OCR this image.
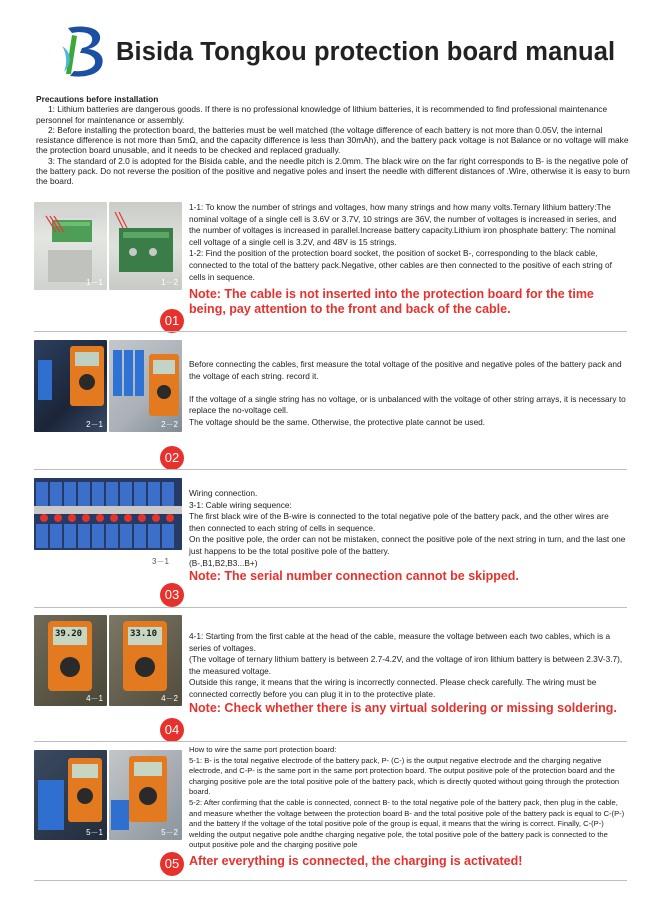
Bisida Tongkou protection board manual
Precautions before installation

1: Lithium batteries are dangerous goods. If there is no professional knowledge of lithium batteries, it is recommended to find professional maintenance personnel for maintenance or assembly.

2: Before installing the protection board, the batteries must be well matched (the voltage difference of each battery is not more than 0.05V, the internal resistance difference is not more than 5mΩ, and the capacity difference is less than 30mAh), and the battery pack voltage is not Balance or no voltage will make the protection board unusable, and it needs to be checked and replaced gradually.

3: The standard of 2.0 is adopted for the Bisida cable, and the needle pitch is 2.0mm. The black wire on the far right corresponds to B- is the negative pole of the battery pack. Do not reverse the position of the positive and negative poles and insert the needle with different distances of .Wire, otherwise it is easy to burn the board.

1－1	1－2
01

1-1: To know the number of strings and voltages, how many strings and how many volts.Ternary lithium battery:The nominal voltage of a single cell is 3.6V or 3.7V, 10 strings are 36V, the number of voltages is increased in series, and the number of voltages is increased in parallel.Increase battery capacity.Lithium iron phosphate battery: The nominal cell voltage of a single cell is 3.2V, and 48V is 15 strings.

1-2: Find the position of the protection board socket, the position of socket B-, corresponding to the black cable, connected to the total of the battery pack.Negative, other cables are then connected to the positive of each string of cells in sequence.

Note: The cable is not inserted into the protection board for the time being, pay attention to the front and back of the cable.

2－1	2－2
02

Before connecting the cables, first measure the total voltage of the positive and negative poles of the battery pack and the voltage of each string. record it.

If the voltage of a single string has no voltage, or is unbalanced with the voltage of other string arrays, it is necessary to replace the no-voltage cell.

The voltage should be the same. Otherwise, the protective plate cannot be used.

3－1
03

Wiring connection.

3-1: Cable wiring sequence:

The first black wire of the B-wire is connected to the total negative pole of the battery pack, and the other wires are then connected to each string of cells in sequence.

On the positive pole, the order can not be mistaken, connect the positive pole of the next string in turn, and the last one just happens to be the total positive pole of the battery.

(B-,B1,B2,B3...B+)

Note: The serial number connection cannot be skipped.

39.20
4－1
33.10
4－2
04

4-1: Starting from the first cable at the head of the cable, measure the voltage between each two cables, which is a series of voltages.

(The voltage of ternary lithium battery is between 2.7-4.2V, and the voltage of iron lithium battery is between 2.3V-3.7), the measured voltage.

Outside this range, it means that the wiring is incorrectly connected. Please check carefully. The wiring must be connected correctly before you can plug it in to the protective plate.

Note: Check whether there is any virtual soldering or missing soldering.

5－1	5－2
05

How to wire the same port protection board:

5-1: B- is the total negative electrode of the battery pack, P- (C-) is the output negative electrode and the charging negative electrode, and C-P- is the same port in the same port protection board. The output positive pole of the protection board and the charging positive pole are the total positive pole of the battery pack, which is directly quoted without going through the protection board.

5-2: After confirming that the cable is connected, connect B- to the total negative pole of the battery pack, then plug in the cable, and measure whether the voltage between the protection board B- and the total positive pole of the battery pack is equal to C-(P-) and the battery If the voltage of the total positive pole of the group is equal, it means that the wiring is correct. Finally, C-(P-) welding the output negative pole andthe charging negative pole, the total positive pole of the battery pack is connected to the output positive pole and the charging positive pole

After everything is connected, the charging is activated!
